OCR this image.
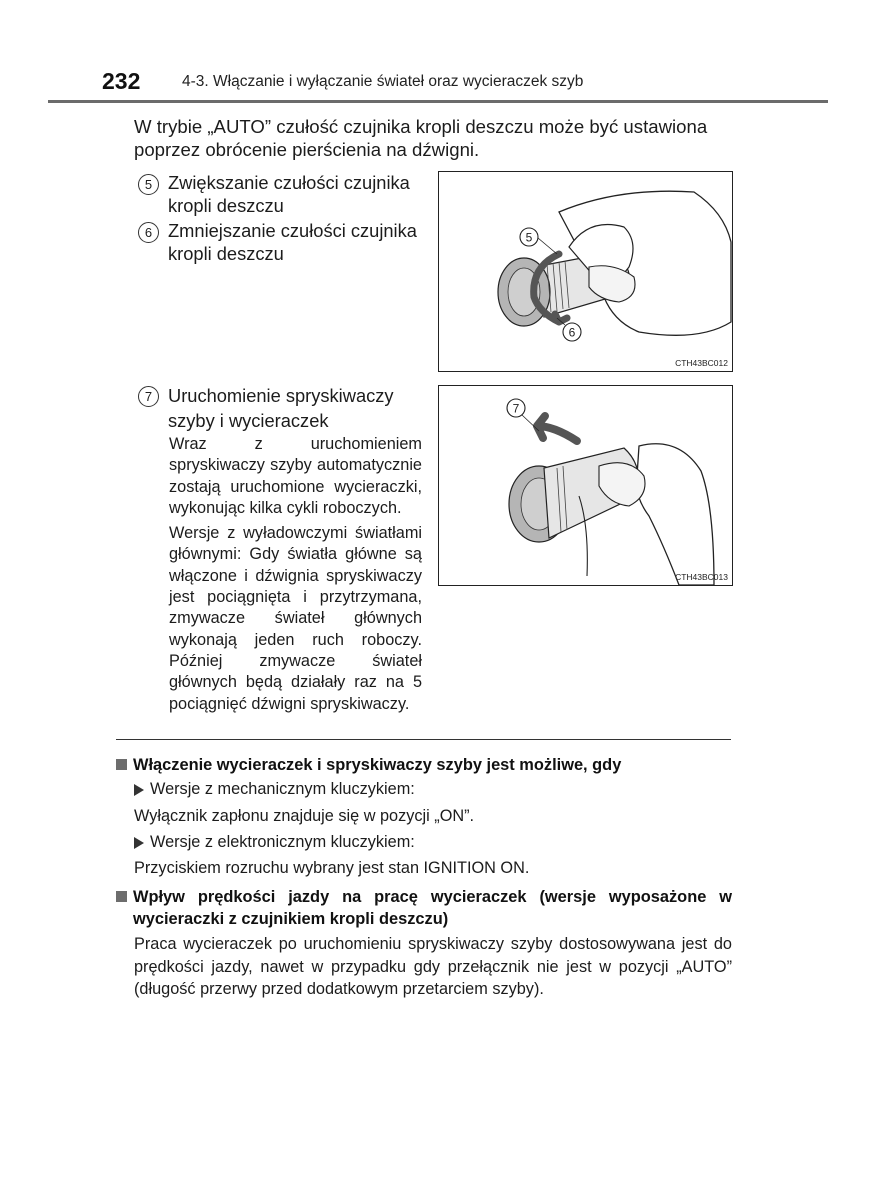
232	4-3. Włączanie i wyłączanie świateł oraz wycieraczek szyb
W trybie „AUTO” czułość czujnika kropli deszczu może być ustawiona poprzez obrócenie pierścienia na dźwigni.
5 Zwiększanie czułości czujnika kropli deszczu
6 Zmniejszanie czułości czujnika kropli deszczu
5
6
CTH43BC012
7 Uruchomienie spryskiwaczy szyby i wycieraczek

Wraz z uruchomieniem spryskiwaczy szyby automatycznie zostają uruchomione wycieraczki, wykonując kilka cykli roboczych.

Wersje z wyładowczymi światłami głównymi: Gdy światła główne są włączone i dźwignia spryskiwaczy jest pociągnięta i przytrzymana, zmywacze świateł głównych wykonają jeden ruch roboczy. Później zmywacze świateł głównych będą działały raz na 5 pociągnięć dźwigni spryskiwaczy.

7
CTH43BC013
Włączenie wycieraczek i spryskiwaczy szyby jest możliwe, gdy
Wersje z mechanicznym kluczykiem:
Wyłącznik zapłonu znajduje się w pozycji „ON”.
Wersje z elektronicznym kluczykiem:
Przyciskiem rozruchu wybrany jest stan IGNITION ON.
Wpływ prędkości jazdy na pracę wycieraczek (wersje wyposażone w wycieraczki z czujnikiem kropli deszczu)
Praca wycieraczek po uruchomieniu spryskiwaczy szyby dostosowywana jest do prędkości jazdy, nawet w przypadku gdy przełącznik nie jest w pozycji „AUTO” (długość przerwy przed dodatkowym przetarciem szyby).
